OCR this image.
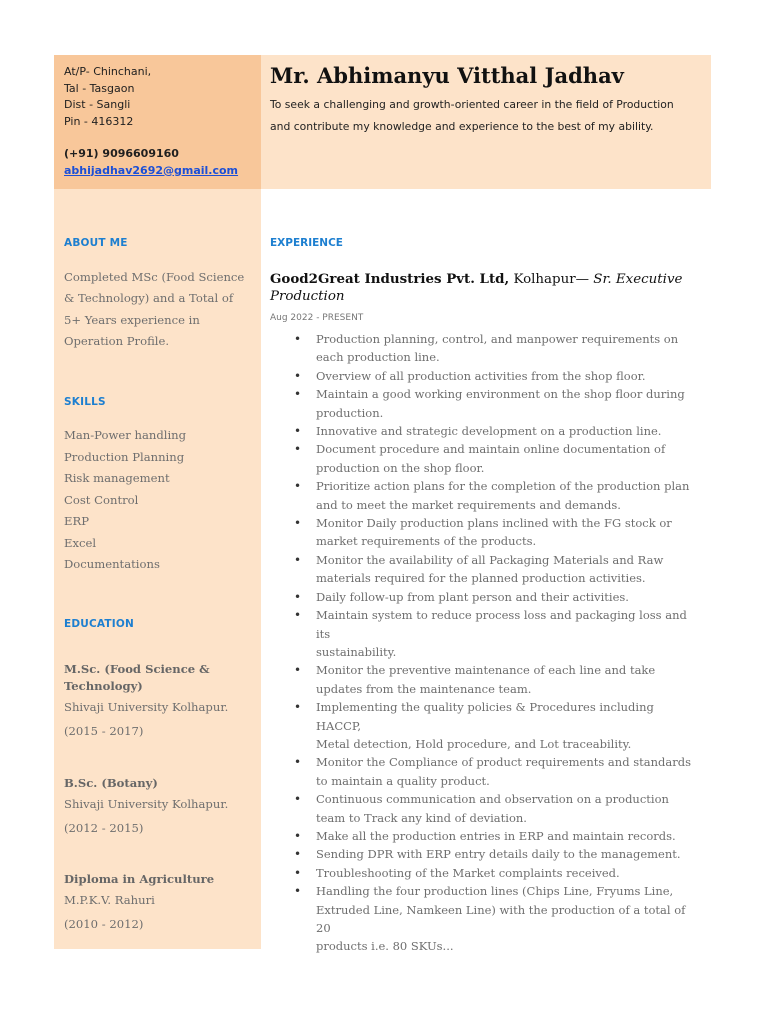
At/P- Chinchani,
Tal - Tasgaon
Dist - Sangli
Pin - 416312
(+91) 9096609160
abhijadhav2692@gmail.com
Mr. Abhimanyu Vitthal Jadhav
To seek a challenging and growth-oriented career in the field of Production
and contribute my knowledge and experience to the best of my ability.
ABOUT ME
Completed MSc (Food Science
& Technology) and a Total of
5+ Years experience in
Operation Profile.
SKILLS
Man-Power handling
Production Planning
Risk management
Cost Control
ERP
Excel
Documentations
EDUCATION
M.Sc. (Food Science & Technology)
Shivaji University Kolhapur.
(2015 - 2017)
B.Sc. (Botany)
Shivaji University Kolhapur.
(2012 - 2015)
Diploma in Agriculture
M.P.K.V. Rahuri
(2010 - 2012)
EXPERIENCE
Good2Great Industries Pvt. Ltd, Kolhapur— Sr. Executive Production
Aug 2022 - PRESENT
• Production planning, control, and manpower requirements on
each production line.
• Overview of all production activities from the shop floor.
• Maintain a good working environment on the shop floor during
production.
• Innovative and strategic development on a production line.
• Document procedure and maintain online documentation of
production on the shop floor.
• Prioritize action plans for the completion of the production plan
and to meet the market requirements and demands.
• Monitor Daily production plans inclined with the FG stock or
market requirements of the products.
• Monitor the availability of all Packaging Materials and Raw
materials required for the planned production activities.
• Daily follow-up from plant person and their activities.
• Maintain system to reduce process loss and packaging loss and its
sustainability.
• Monitor the preventive maintenance of each line and take
updates from the maintenance team.
• Implementing the quality policies & Procedures including HACCP,
Metal detection, Hold procedure, and Lot traceability.
• Monitor the Compliance of product requirements and standards
to maintain a quality product.
• Continuous communication and observation on a production
team to Track any kind of deviation.
• Make all the production entries in ERP and maintain records.
• Sending DPR with ERP entry details daily to the management.
• Troubleshooting of the Market complaints received.
• Handling the four production lines (Chips Line, Fryums Line,
Extruded Line, Namkeen Line) with the production of a total of 20
products i.e. 80 SKUs...
